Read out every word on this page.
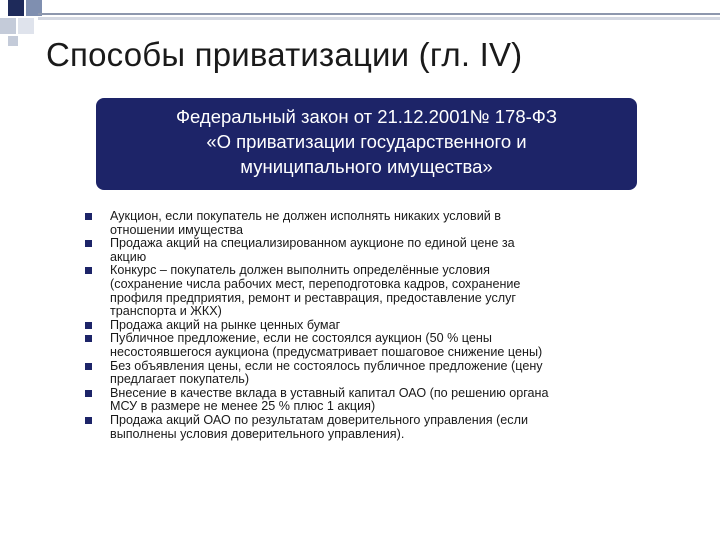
Способы приватизации (гл. IV)
Федеральный закон от 21.12.2001№ 178-ФЗ
«О приватизации государственного и
муниципального имущества»
Аукцион, если покупатель не должен исполнять никаких условий в
отношении имущества
Продажа акций на специализированном аукционе по единой цене за
акцию
Конкурс – покупатель должен выполнить определённые условия
(сохранение числа рабочих мест, переподготовка кадров, сохранение
профиля предприятия, ремонт и реставрация, предоставление услуг
транспорта и ЖКХ)
Продажа акций на рынке ценных бумаг
Публичное предложение, если не состоялся аукцион (50 % цены
несостоявшегося аукциона (предусматривает пошаговое снижение цены)
Без объявления цены, если не состоялось публичное предложение (цену
предлагает покупатель)
Внесение в качестве вклада в уставный капитал ОАО (по решению органа
МСУ в размере не менее 25 % плюс 1 акция)
Продажа акций ОАО по результатам доверительного управления (если
выполнены условия доверительного управления).
